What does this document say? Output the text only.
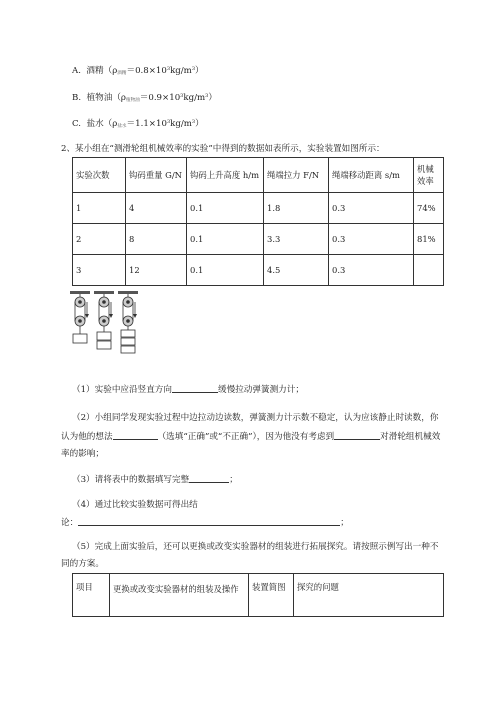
A. 酒精$(\rho_{酒精}=0.8\times 10^3kg/m^3)$
B. 植物油$(\rho_{植物油}=0.9\times 10^3kg/m^3)$
C. 盐水$(\rho_{盐水}=1.1\times 10^3kg/m^3)$
2、某小组在“测滑轮组机械效率的实验”中得到的数据如表所示，实验装置如图所示：
实验次数	钩码重量 G/N	钩码上升高度 h/m	绳端拉力 F/N	绳端移动距离 s/m	机械效率
1	4	0.1	1.8	0.3	74%
2	8	0.1	3.3	0.3	81%
3	12	0.1	4.5	0.3	
（1）实验中应沿竖直方向	缓慢拉动弹簧测力计；
（2）小组同学发现实验过程中边拉动边读数，弹簧测力计示数不稳定，认为应该静止时读数，你
认为他的想法	（选填“正确”或“不正确”），因为他没有考虑到	对滑轮组机械效
率的影响；
（3）请将表中的数据填写完整	；
（4）通过比较实验数据可得出结
论：	；
（5）完成上面实验后，还可以更换或改变实验器材的组装进行拓展探究。请按照示例写出一种不
同的方案。
项目	更换或改变实验器材的组装及操作	装置简图	探究的问题
